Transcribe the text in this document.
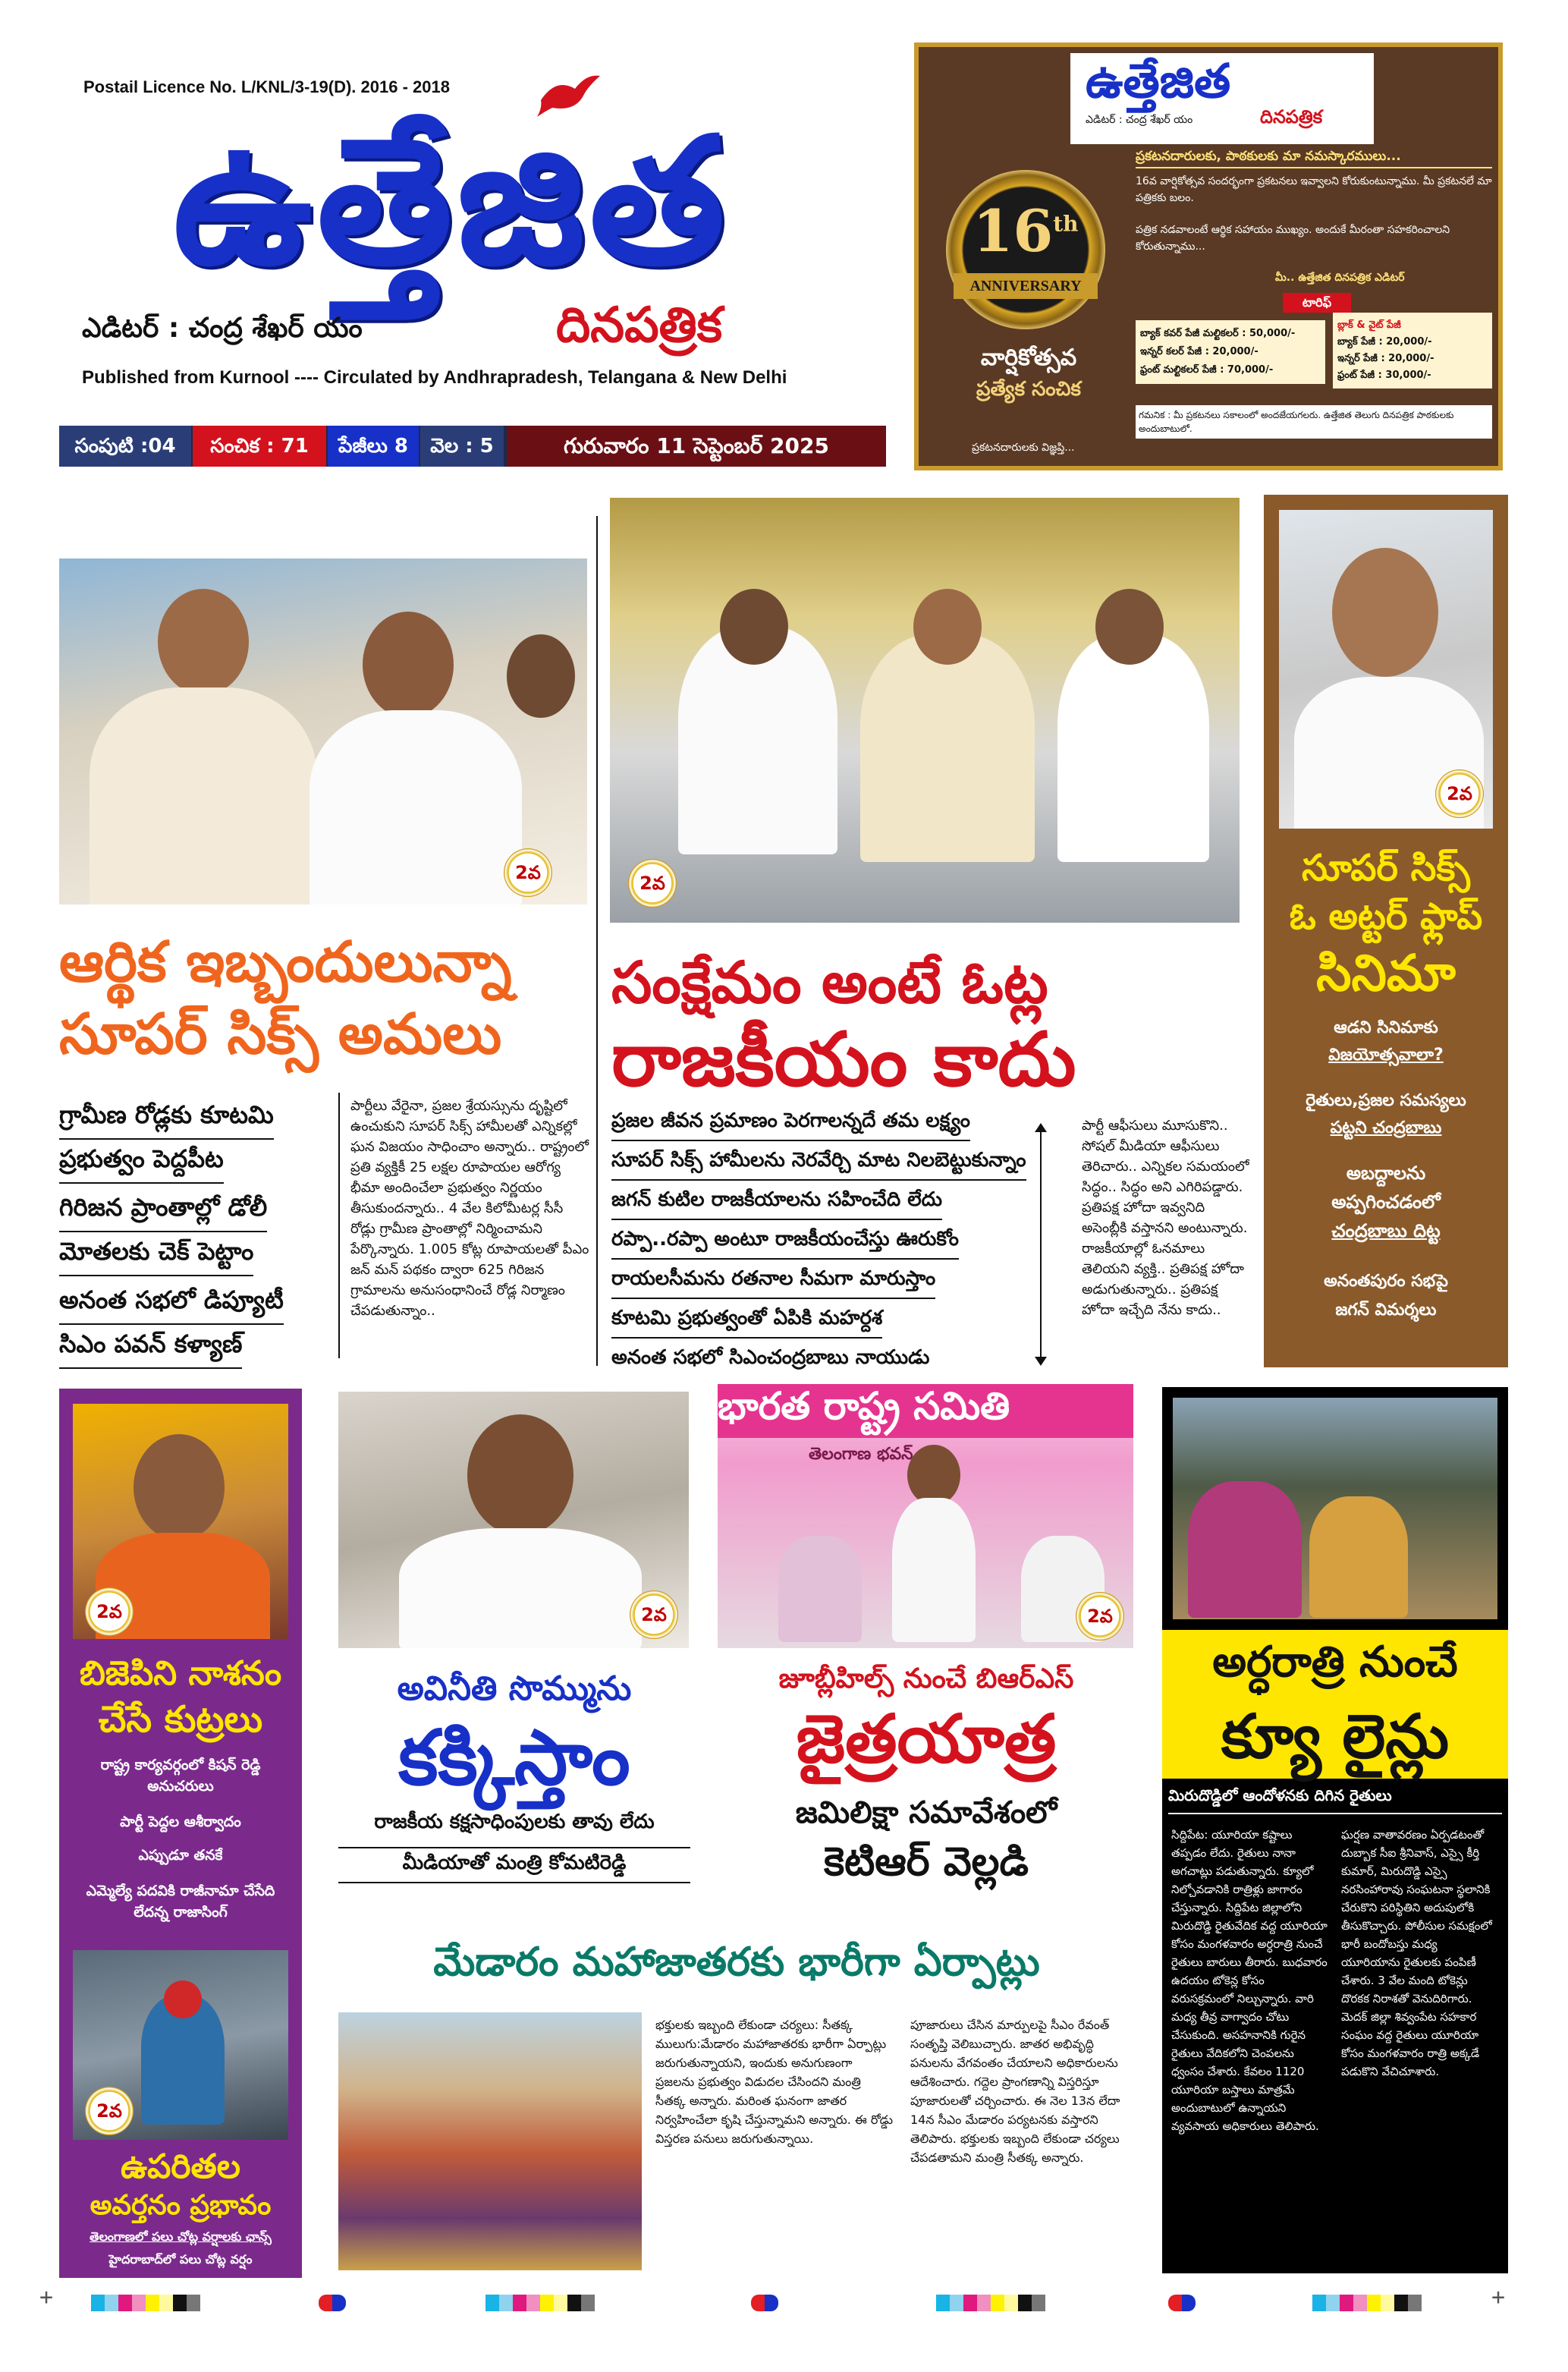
Postail Licence No. L/KNL/3-19(D). 2016 - 2018
ఉత్తేజిత
ఎడిటర్ : చంద్ర శేఖర్ యం	దినపత్రిక
Published from Kurnool ---- Circulated by Andhrapradesh, Telangana & New Delhi
సంపుటి :04	సంచిక : 71	పేజీలు 8	వెల : 5	గురువారం 11 సెప్టెంబర్ 2025
ఉత్తేజిత
దినపత్రిక
ఎడిటర్ : చంద్ర శేఖర్ యం
16th
ANNIVERSARY
వార్షికోత్సవ
ప్రత్యేక సంచిక
ప్రకటనదారులకు, పాఠకులకు మా నమస్కారములు...
16వ వార్షికోత్సవ సందర్భంగా ప్రకటనలు ఇవ్వాలని కోరుకుంటున్నాము. మీ ప్రకటనలే మా పత్రికకు బలం.
పత్రిక నడవాలంటే ఆర్థిక సహాయం ముఖ్యం. అందుకే మీరంతా సహకరించాలని కోరుతున్నాము...
మీ.. ఉత్తేజిత దినపత్రిక ఎడిటర్
టారిఫ్
బ్యాక్ కవర్ పేజీ మల్టికలర్ : 50,000/-
ఇన్నర్ కలర్ పేజీ : 20,000/-
ఫ్రంట్ మల్టికలర్ పేజీ : 70,000/-
బ్లాక్ & వైట్ పేజీ
బ్యాక్ పేజీ : 20,000/-
ఇన్నర్ పేజీ : 20,000/-
ఫ్రంట్ పేజీ : 30,000/-
గమనిక : మీ ప్రకటనలు సకాలంలో అందజేయగలరు. ఉత్తేజిత తెలుగు దినపత్రిక పాఠకులకు అందుబాటులో.
ప్రకటనదారులకు విజ్ఞప్తి...
2వ
ఆర్థిక ఇబ్బందులున్నా
సూపర్ సిక్స్ అమలు
గ్రామీణ రోడ్లకు కూటమి
ప్రభుత్వం పెద్దపీట
గిరిజన ప్రాంతాల్లో డోలీ
మోతలకు చెక్ పెట్టాం
అనంత సభలో డిప్యూటీ
సిఎం పవన్ కళ్యాణ్
పార్టీలు వేరైనా, ప్రజల శ్రేయస్సును దృష్టిలో ఉంచుకుని సూపర్ సిక్స్ హామీలతో ఎన్నికల్లో ఘన విజయం సాధించాం అన్నారు.. రాష్ట్రంలో ప్రతి వ్యక్తికీ 25 లక్షల రూపాయల ఆరోగ్య భీమా అందించేలా ప్రభుత్వం నిర్ణయం తీసుకుందన్నారు.. 4 వేల కిలోమీటర్ల సీసీ రోడ్లు గ్రామీణ ప్రాంతాల్లో నిర్మించామని పేర్కొన్నారు. 1.005 కోట్ల రూపాయలతో పీఎం జన్ మన్ పథకం ద్వారా 625 గిరిజన గ్రామాలను అనుసంధానించే రోడ్ల నిర్మాణం చేపడుతున్నాం..
2వ
సంక్షేమం అంటే ఓట్ల
రాజకీయం కాదు
ప్రజల జీవన ప్రమాణం పెరగాలన్నదే తమ లక్ష్యం
సూపర్ సిక్స్ హామీలను నెరవేర్చి మాట నిలబెట్టుకున్నాం
జగన్ కుటిల రాజకీయాలను సహించేది లేదు
రప్పా..రప్పా అంటూ రాజకీయంచేస్తు ఊరుకోం
రాయలసీమను రతనాల సీమగా మారుస్తాం
కూటమి ప్రభుత్వంతో ఏపికి మహర్దశ
అనంత సభలో సిఎంచంద్రబాబు నాయుడు
పార్టీ ఆఫీసులు మూసుకొని.. సోషల్ మీడియా ఆఫీసులు తెరిచారు.. ఎన్నికల సమయంలో సిద్ధం.. సిద్ధం అని ఎగిరిపడ్డారు. ప్రతిపక్ష హోదా ఇవ్వనిది అసెంబ్లీకి వస్తానని అంటున్నారు. రాజకీయాల్లో ఓనమాలు తెలియని వ్యక్తి.. ప్రతిపక్ష హోదా అడుగుతున్నారు.. ప్రతిపక్ష హోదా ఇచ్చేది నేను కాదు..
2వ
సూపర్ సిక్స్
ఓ అట్టర్ ఫ్లాప్
సినిమా
ఆడని సినిమాకు
విజయోత్సవాలా?
రైతులు,ప్రజల సమస్యలు
పట్టని చంద్రబాబు
అబద్దాలను
అప్పగించడంలో
చంద్రబాబు దిట్ట
అనంతపురం సభపై
జగన్ విమర్శలు
2వ
బిజెపిని నాశనం
చేసే కుట్రలు
రాష్ట్ర కార్యవర్గంలో కిషన్ రెడ్డి అనుచరులు
పార్టీ పెద్దల ఆశీర్వాదం
ఎప్పుడూ తనకే
ఎమ్మెల్యే పదవికి రాజీనామా చేసేది లేదన్న రాజాసింగ్
2వ
ఉపరితల
అవర్తనం ప్రభావం
తెలంగాణలో పలు చోట్ల వర్షాలకు ఛాన్స్
హైదరాబాద్‌లో పలు చోట్ల వర్షం
2వ
అవినీతి సొమ్మును
కక్కిస్తాం
రాజకీయ కక్షసాధింపులకు తావు లేదు
మీడియాతో మంత్రి కోమటిరెడ్డి
భారత రాష్ట్ర సమితి
తెలంగాణ భవన్
2వ
జూబ్లీహిల్స్ నుంచే బిఆర్ఎస్
జైత్రయాత్ర
జమిలిక్షా సమావేశంలో
కెటిఆర్ వెల్లడి
మేడారం మహాజాతరకు భారీగా ఏర్పాట్లు
భక్తులకు ఇబ్బంది లేకుండా చర్యలు: సీతక్క ములుగు:మేడారం మహాజాతరకు భారీగా ఏర్పాట్లు జరుగుతున్నాయని, ఇందుకు అనుగుణంగా ప్రజలను ప్రభుత్వం విడుదల చేసిందని మంత్రి సీతక్క అన్నారు. మరింత ఘనంగా జాతర నిర్వహించేలా కృషి చేస్తున్నామని అన్నారు. ఈ రోడ్డు విస్తరణ పనులు జరుగుతున్నాయి.
పూజారులు చేసిన మార్పులపై సీఎం రేవంత్ సంతృప్తి వెలిబుచ్చారు. జాతర అభివృద్ధి పనులను వేగవంతం చేయాలని అధికారులను ఆదేశించారు. గద్దెల ప్రాంగణాన్ని విస్తరిస్తూ పూజారులతో చర్చించారు. ఈ నెల 13న లేదా 14న సీఎం మేడారం పర్యటనకు వస్తారని తెలిపారు. భక్తులకు ఇబ్బంది లేకుండా చర్యలు చేపడతామని మంత్రి సీతక్క అన్నారు.
అర్ధరాత్రి నుంచే
క్యూ లైన్లు
మిరుదొడ్డిలో ఆందోళనకు దిగిన రైతులు
సిద్దిపేట: యూరియా కష్టాలు తప్పడం లేదు. రైతులు నానా అగచాట్లు పడుతున్నారు. క్యూలో నిల్చోవడానికి రాత్రిళ్లు జాగారం చేస్తున్నారు. సిద్దిపేట జిల్లాలోని మిరుదొడ్డి రైతువేదిక వద్ద యూరియా కోసం మంగళవారం అర్ధరాత్రి నుంచే రైతులు బారులు తీరారు. బుధవారం ఉదయం టోకెన్ల కోసం వరుసక్రమంలో నిల్చున్నారు. వారి మధ్య తీవ్ర వాగ్వాదం చోటు చేసుకుంది. అసహనానికి గురైన రైతులు వేదికలోని చెంపలను ధ్వంసం చేశారు. కేవలం 1120 యూరియా బస్తాలు మాత్రమే అందుబాటులో ఉన్నాయని వ్యవసాయ అధికారులు తెలిపారు.
ఘర్షణ వాతావరణం ఏర్పడటంతో దుబ్బాక సీఐ శ్రీనివాస్, ఎస్సై కీర్తి కుమార్, మిరుదొడ్డి ఎస్సై నరసింహారావు సంఘటనా స్థలానికి చేరుకొని పరిస్థితిని అదుపులోకి తీసుకొచ్చారు. పోలీసుల సమక్షంలో భారీ బందోబస్తు మధ్య యూరియాను రైతులకు పంపిణీ చేశారు. 3 వేల మంది టోకెన్లు దొరకక నిరాశతో వెనుదిరిగారు. మెదక్ జిల్లా శివ్వంపేట సహకార సంఘం వద్ద రైతులు యూరియా కోసం మంగళవారం రాత్రి అక్కడే పడుకొని వేచిచూశారు.
+	+
